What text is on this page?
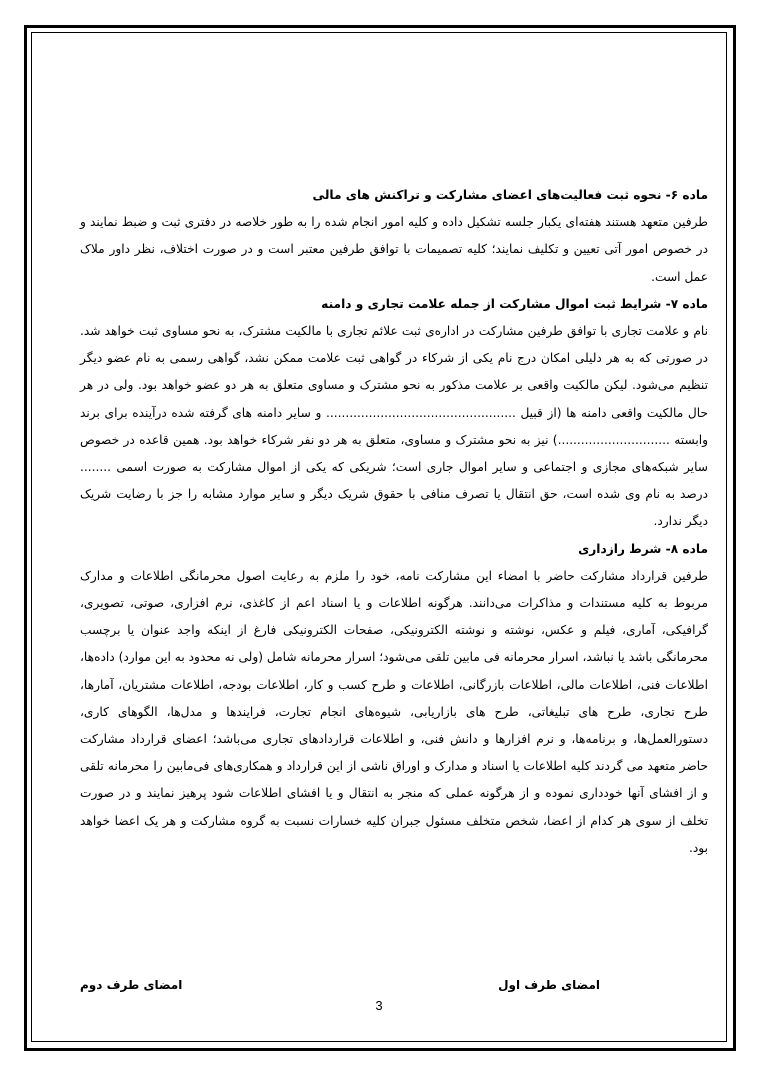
ماده ۶- نحوه ثبت فعالیت‌های اعضای مشارکت و تراکنش های مالی

طرفین متعهد هستند هفته‌ای یکبار جلسه تشکیل داده و کلیه امور انجام شده را به طور خلاصه در دفتری ثبت و ضبط نمایند و در خصوص امور آتی تعیین و تکلیف نمایند؛ کلیه تصمیمات با توافق طرفین معتبر است و در صورت اختلاف، نظر داور ملاک عمل است.

ماده ۷- شرایط ثبت اموال مشارکت از جمله علامت تجاری و دامنه

نام و علامت تجاری با توافق طرفین مشارکت در اداره‌ی ثبت علائم تجاری با مالکیت مشترک، به نحو مساوی ثبت خواهد شد. در صورتی که به هر دلیلی امکان درج نام یکی از شرکاء در گواهی ثبت علامت ممکن نشد، گواهی رسمی به نام عضو دیگر تنظیم می‌شود. لیکن مالکیت واقعی بر علامت مذکور به نحو مشترک و مساوی متعلق به هر دو عضو خواهد بود. ولی در هر حال مالکیت واقعی دامنه ها (از قبیل ................................................. و سایر دامنه های گرفته شده درآینده برای برند وابسته .............................) نیز به نحو مشترک و مساوی، متعلق به هر دو نفر شرکاء خواهد بود. همین قاعده در خصوص سایر شبکه‌های مجازی و اجتماعی و سایر اموال جاری است؛ شریکی که یکی از اموال مشارکت به صورت اسمی ........ درصد به نام وی شده است، حق انتقال یا تصرف منافی با حقوق شریک دیگر و سایر موارد مشابه را جز با رضایت شریک دیگر ندارد.

ماده ۸- شرط رازداری

طرفین قرارداد مشارکت حاضر با امضاء این مشارکت نامه، خود را ملزم به رعایت اصول محرمانگی اطلاعات و مدارک مربوط به کلیه مستندات و مذاکرات می‌دانند. هرگونه اطلاعات و یا اسناد اعم از کاغذی، نرم افزاری، صوتی، تصویری، گرافیکی، آماری، فیلم و عکس، نوشته و نوشته الکترونیکی، صفحات الکترونیکی فارغ از اینکه واجد عنوان یا برچسب محرمانگی باشد یا نباشد، اسرار محرمانه فی مابین تلقی می‌شود؛ اسرار محرمانه شامل (ولی نه محدود به این موارد) داده‌ها، اطلاعات فنی، اطلاعات مالی، اطلاعات بازرگانی، اطلاعات و طرح کسب و کار، اطلاعات بودجه، اطلاعات مشتریان، آمارها، طرح تجاری، طرح های تبلیغاتی، طرح های بازاریابی، شیوه‌های انجام تجارت، فرایندها و مدل‌ها، الگوهای کاری، دستورالعمل‌ها، و برنامه‌ها، و نرم افزارها و دانش فنی، و اطلاعات قراردادهای تجاری می‌باشد؛ اعضای قرارداد مشارکت حاضر متعهد می گردند کلیه اطلاعات یا اسناد و مدارک و اوراق ناشی از این قرارداد و همکاری‌های فی‌مابین را محرمانه تلقی و از افشای آنها خودداری نموده و از هرگونه عملی که منجر به انتقال و یا افشای اطلاعات شود پرهیز نمایند و در صورت تخلف از سوی هر کدام از اعضا، شخص متخلف مسئول جبران کلیه خسارات نسبت به گروه مشارکت و هر یک اعضا خواهد بود.

امضای طرف اول
امضای طرف دوم
3
